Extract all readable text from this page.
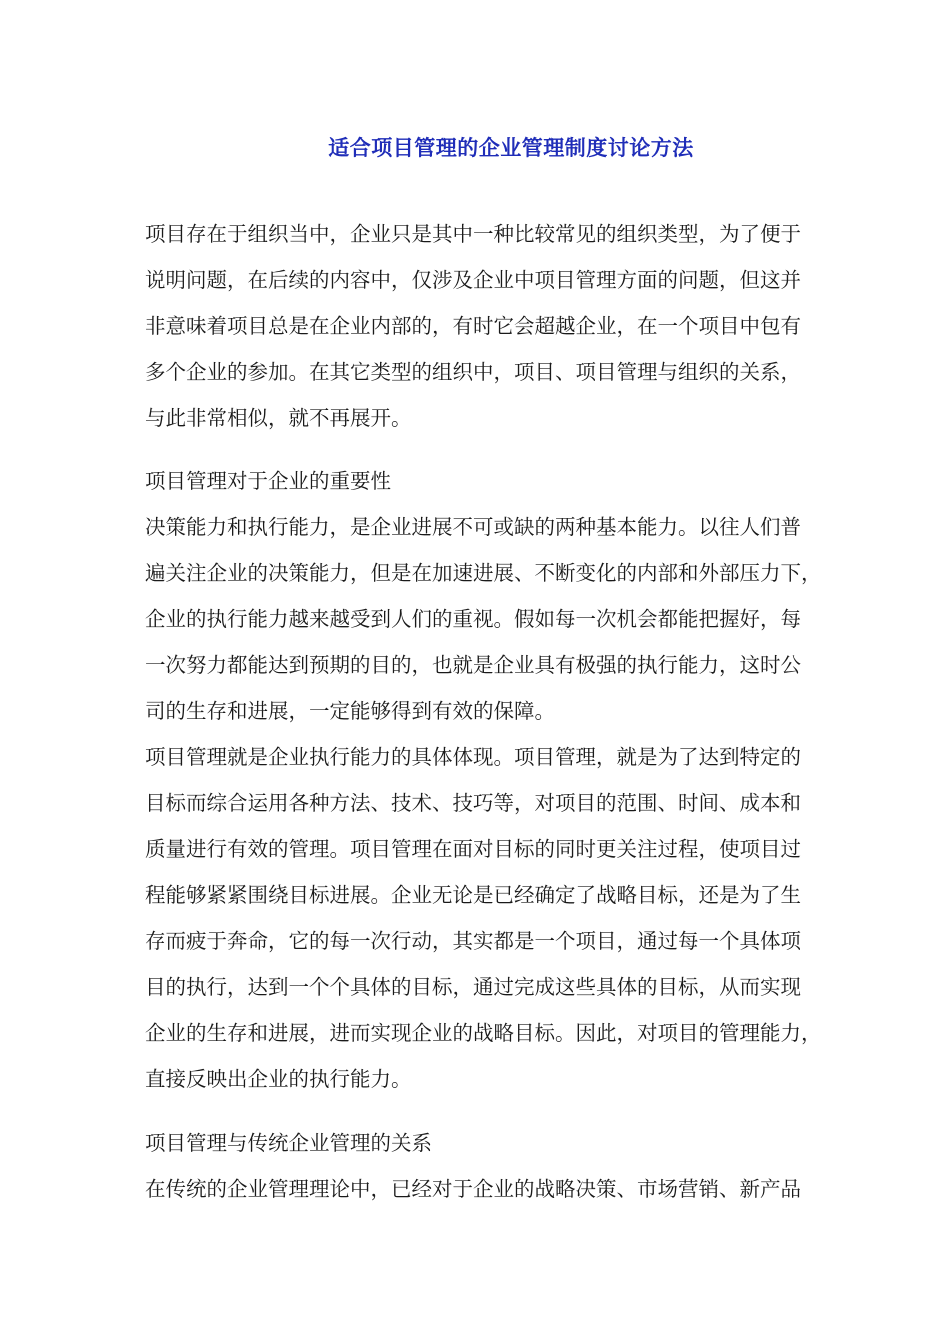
适合项目管理的企业管理制度讨论方法

项目存在于组织当中，企业只是其中一种比较常见的组织类型，为了便于

说明问题，在后续的内容中，仅涉及企业中项目管理方面的问题，但这并

非意味着项目总是在企业内部的，有时它会超越企业，在一个项目中包有

多个企业的参加。在其它类型的组织中，项目、项目管理与组织的关系，

与此非常相似，就不再展开。

项目管理对于企业的重要性

决策能力和执行能力，是企业进展不可或缺的两种基本能力。以往人们普

遍关注企业的决策能力，但是在加速进展、不断变化的内部和外部压力下，

企业的执行能力越来越受到人们的重视。假如每一次机会都能把握好，每

一次努力都能达到预期的目的，也就是企业具有极强的执行能力，这时公

司的生存和进展，一定能够得到有效的保障。

项目管理就是企业执行能力的具体体现。项目管理，就是为了达到特定的

目标而综合运用各种方法、技术、技巧等，对项目的范围、时间、成本和

质量进行有效的管理。项目管理在面对目标的同时更关注过程，使项目过

程能够紧紧围绕目标进展。企业无论是已经确定了战略目标，还是为了生

存而疲于奔命，它的每一次行动，其实都是一个项目，通过每一个具体项

目的执行，达到一个个具体的目标，通过完成这些具体的目标，从而实现

企业的生存和进展，进而实现企业的战略目标。因此，对项目的管理能力，

直接反映出企业的执行能力。

项目管理与传统企业管理的关系

在传统的企业管理理论中，已经对于企业的战略决策、市场营销、新产品
